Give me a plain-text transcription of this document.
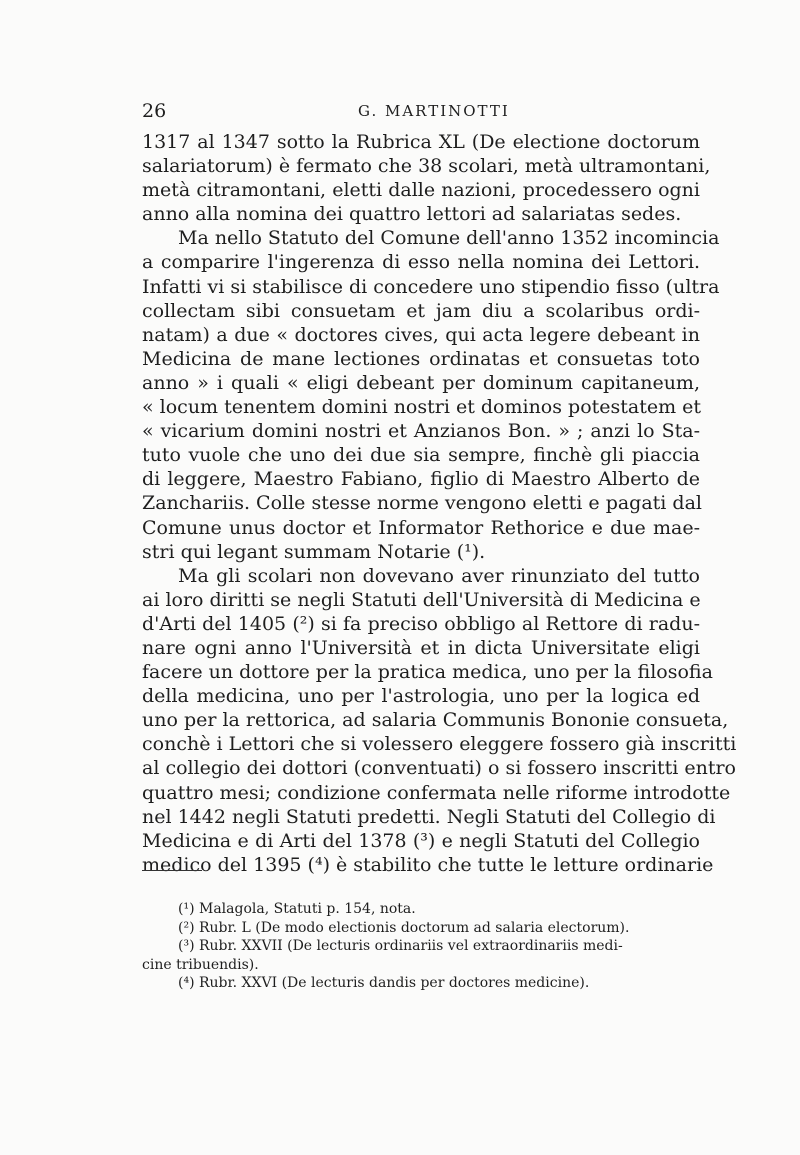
26	G. MARTINOTTI
1317 al 1347 sotto la Rubrica XL (De electione doctorum
salariatorum) è fermato che 38 scolari, metà ultramontani,
metà citramontani, eletti dalle nazioni, procedessero ogni
anno alla nomina dei quattro lettori ad salariatas sedes.
Ma nello Statuto del Comune dell'anno 1352 incomincia
a comparire l'ingerenza di esso nella nomina dei Lettori.
Infatti vi si stabilisce di concedere uno stipendio fisso (ultra
collectam sibi consuetam et jam diu a scolaribus ordi-
natam) a due « doctores cives, qui acta legere debeant in
Medicina de mane lectiones ordinatas et consuetas toto
anno » i quali « eligi debeant per dominum capitaneum,
« locum tenentem domini nostri et dominos potestatem et
« vicarium domini nostri et Anzianos Bon. » ; anzi lo Sta-
tuto vuole che uno dei due sia sempre, finchè gli piaccia
di leggere, Maestro Fabiano, figlio di Maestro Alberto de
Zanchariis. Colle stesse norme vengono eletti e pagati dal
Comune unus doctor et Informator Rethorice e due mae-
stri qui legant summam Notarie (¹).
Ma gli scolari non dovevano aver rinunziato del tutto
ai loro diritti se negli Statuti dell'Università di Medicina e
d'Arti del 1405 (²) si fa preciso obbligo al Rettore di radu-
nare ogni anno l'Università et in dicta Universitate eligi
facere un dottore per la pratica medica, uno per la filosofia
della medicina, uno per l'astrologia, uno per la logica ed
uno per la rettorica, ad salaria Communis Bononie consueta,
conchè i Lettori che si volessero eleggere fossero già inscritti
al collegio dei dottori (conventuati) o si fossero inscritti entro
quattro mesi; condizione confermata nelle riforme introdotte
nel 1442 negli Statuti predetti. Negli Statuti del Collegio di
Medicina e di Arti del 1378 (³) e negli Statuti del Collegio
medico del 1395 (⁴) è stabilito che tutte le letture ordinarie
(¹) Malagola, Statuti p. 154, nota.
(²) Rubr. L (De modo electionis doctorum ad salaria electorum).
(³) Rubr. XXVII (De lecturis ordinariis vel extraordinariis medi-
cine tribuendis).
(⁴) Rubr. XXVI (De lecturis dandis per doctores medicine).
